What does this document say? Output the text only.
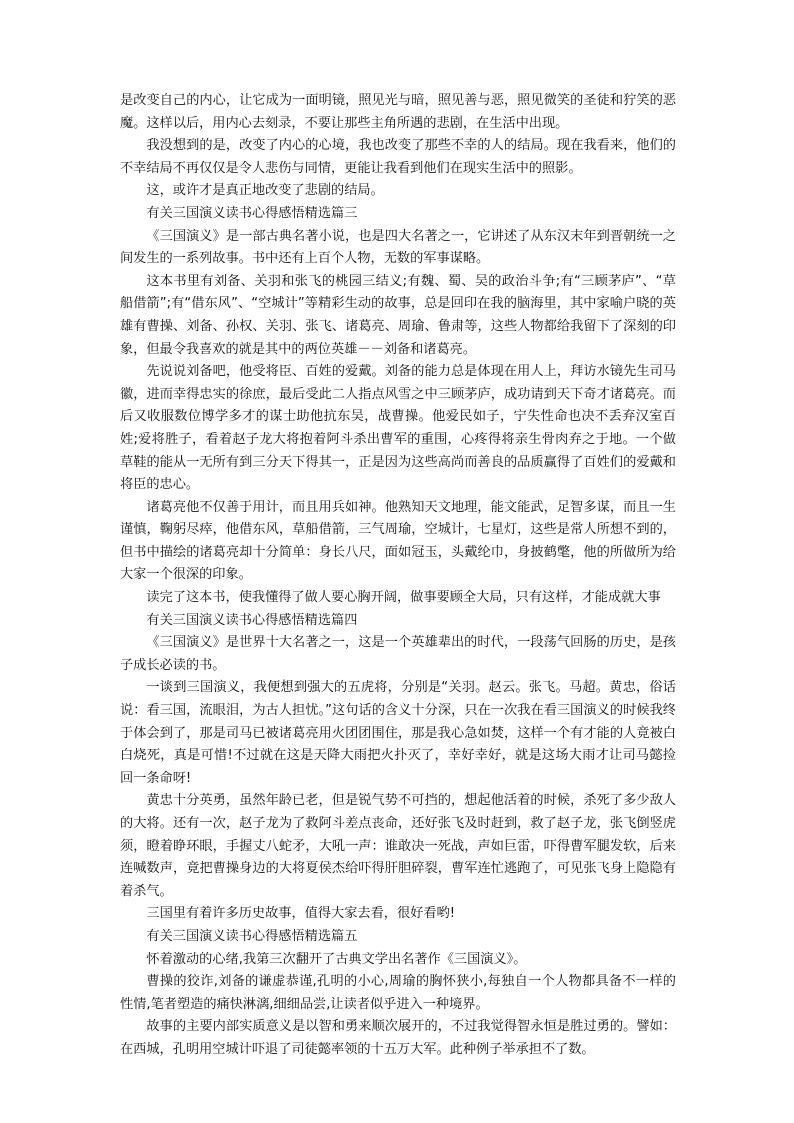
是改变自己的内心，让它成为一面明镜，照见光与暗，照见善与恶，照见微笑的圣徒和狞笑的恶魔。这样以后，用内心去刻录，不要让那些主角所遇的悲剧，在生活中出现。

我没想到的是，改变了内心的心境，我也改变了那些不幸的人的结局。现在我看来，他们的不幸结局不再仅仅是令人悲伤与同情，更能让我看到他们在现实生活中的照影。

这，或许才是真正地改变了悲剧的结局。

有关三国演义读书心得感悟精选篇三

《三国演义》是一部古典名著小说，也是四大名著之一，它讲述了从东汉末年到晋朝统一之间发生的一系列故事。书中还有上百个人物，无数的军事谋略。

这本书里有刘备、关羽和张飞的桃园三结义;有魏、蜀、吴的政治斗争;有“三顾茅庐”、“草船借箭”;有“借东风”、“空城计”等精彩生动的故事，总是回印在我的脑海里，其中家喻户晓的英雄有曹操、刘备、孙权、关羽、张飞、诸葛亮、周瑜、鲁肃等，这些人物都给我留下了深刻的印象，但最令我喜欢的就是其中的两位英雄－－刘备和诸葛亮。

先说说刘备吧，他受将臣、百姓的爱戴。刘备的能力总是体现在用人上，拜访水镜先生司马徽，进而幸得忠实的徐庶，最后受此二人指点风雪之中三顾茅庐，成功请到天下奇才诸葛亮。而后又收服数位博学多才的谋士助他抗东吴，战曹操。他爱民如子，宁失性命也决不丢弃汉室百姓;爱将胜子，看着赵子龙大将抱着阿斗杀出曹军的重围，心疼得将亲生骨肉弃之于地。一个做草鞋的能从一无所有到三分天下得其一，正是因为这些高尚而善良的品质赢得了百姓们的爱戴和 将臣的忠心。

诸葛亮他不仅善于用计，而且用兵如神。他熟知天文地理，能文能武，足智多谋，而且一生谨慎，鞠躬尽瘁，他借东风，草船借箭，三气周瑜，空城计，七星灯，这些是常人所想不到的，但书中描绘的诸葛亮却十分简单：身长八尺，面如冠玉，头戴纶巾，身披鹤氅，他的所做所为给大家一个很深的印象。

读完了这本书，使我懂得了做人要心胸开阔，做事要顾全大局，只有这样，才能成就大事

有关三国演义读书心得感悟精选篇四

《三国演义》是世界十大名著之一，这是一个英雄辈出的时代，一段荡气回肠的历史，是孩子成长必读的书。

一谈到三国演义，我便想到强大的五虎将，分别是“关羽。赵云。张飞。马超。黄忠，俗话说：看三国，流眼泪，为古人担忧。”这句话的含义十分深，只在一次我在看三国演义的时候我终于体会到了，那是司马已被诸葛亮用火团团围住，那是我心急如焚，这样一个有才能的人竟被白白烧死，真是可惜!不过就在这是天降大雨把火扑灭了，幸好幸好，就是这场大雨才让司马懿捡回一条命呀!

黄忠十分英勇，虽然年龄已老，但是锐气势不可挡的，想起他活着的时候，杀死了多少敌人的大将。还有一次，赵子龙为了救阿斗差点丧命，还好张飞及时赶到，救了赵子龙，张飞倒竖虎须，瞪着睁环眼，手握丈八蛇矛，大吼一声：谁敢决一死战，声如巨雷，吓得曹军腿发软，后来连喊数声，竟把曹操身边的大将夏侯杰给吓得肝胆碎裂，曹军连忙逃跑了，可见张飞身上隐隐有着杀气。

三国里有着许多历史故事，值得大家去看，很好看哟!

有关三国演义读书心得感悟精选篇五

怀着激动的心绪,我第三次翻开了古典文学出名著作《三国演义》。

曹操的狡诈,刘备的谦虚恭谨,孔明的小心,周瑜的胸怀狭小,每独自一个人物都具备不一样的性情,笔者塑造的痛快淋漓,细细品尝,让读者似乎进入一种境界。

故事的主要内部实质意义是以智和勇来顺次展开的，不过我觉得智永恒是胜过勇的。譬如：在西城，孔明用空城计吓退了司徒懿率领的十五万大军。此种例子举承担不了数。
